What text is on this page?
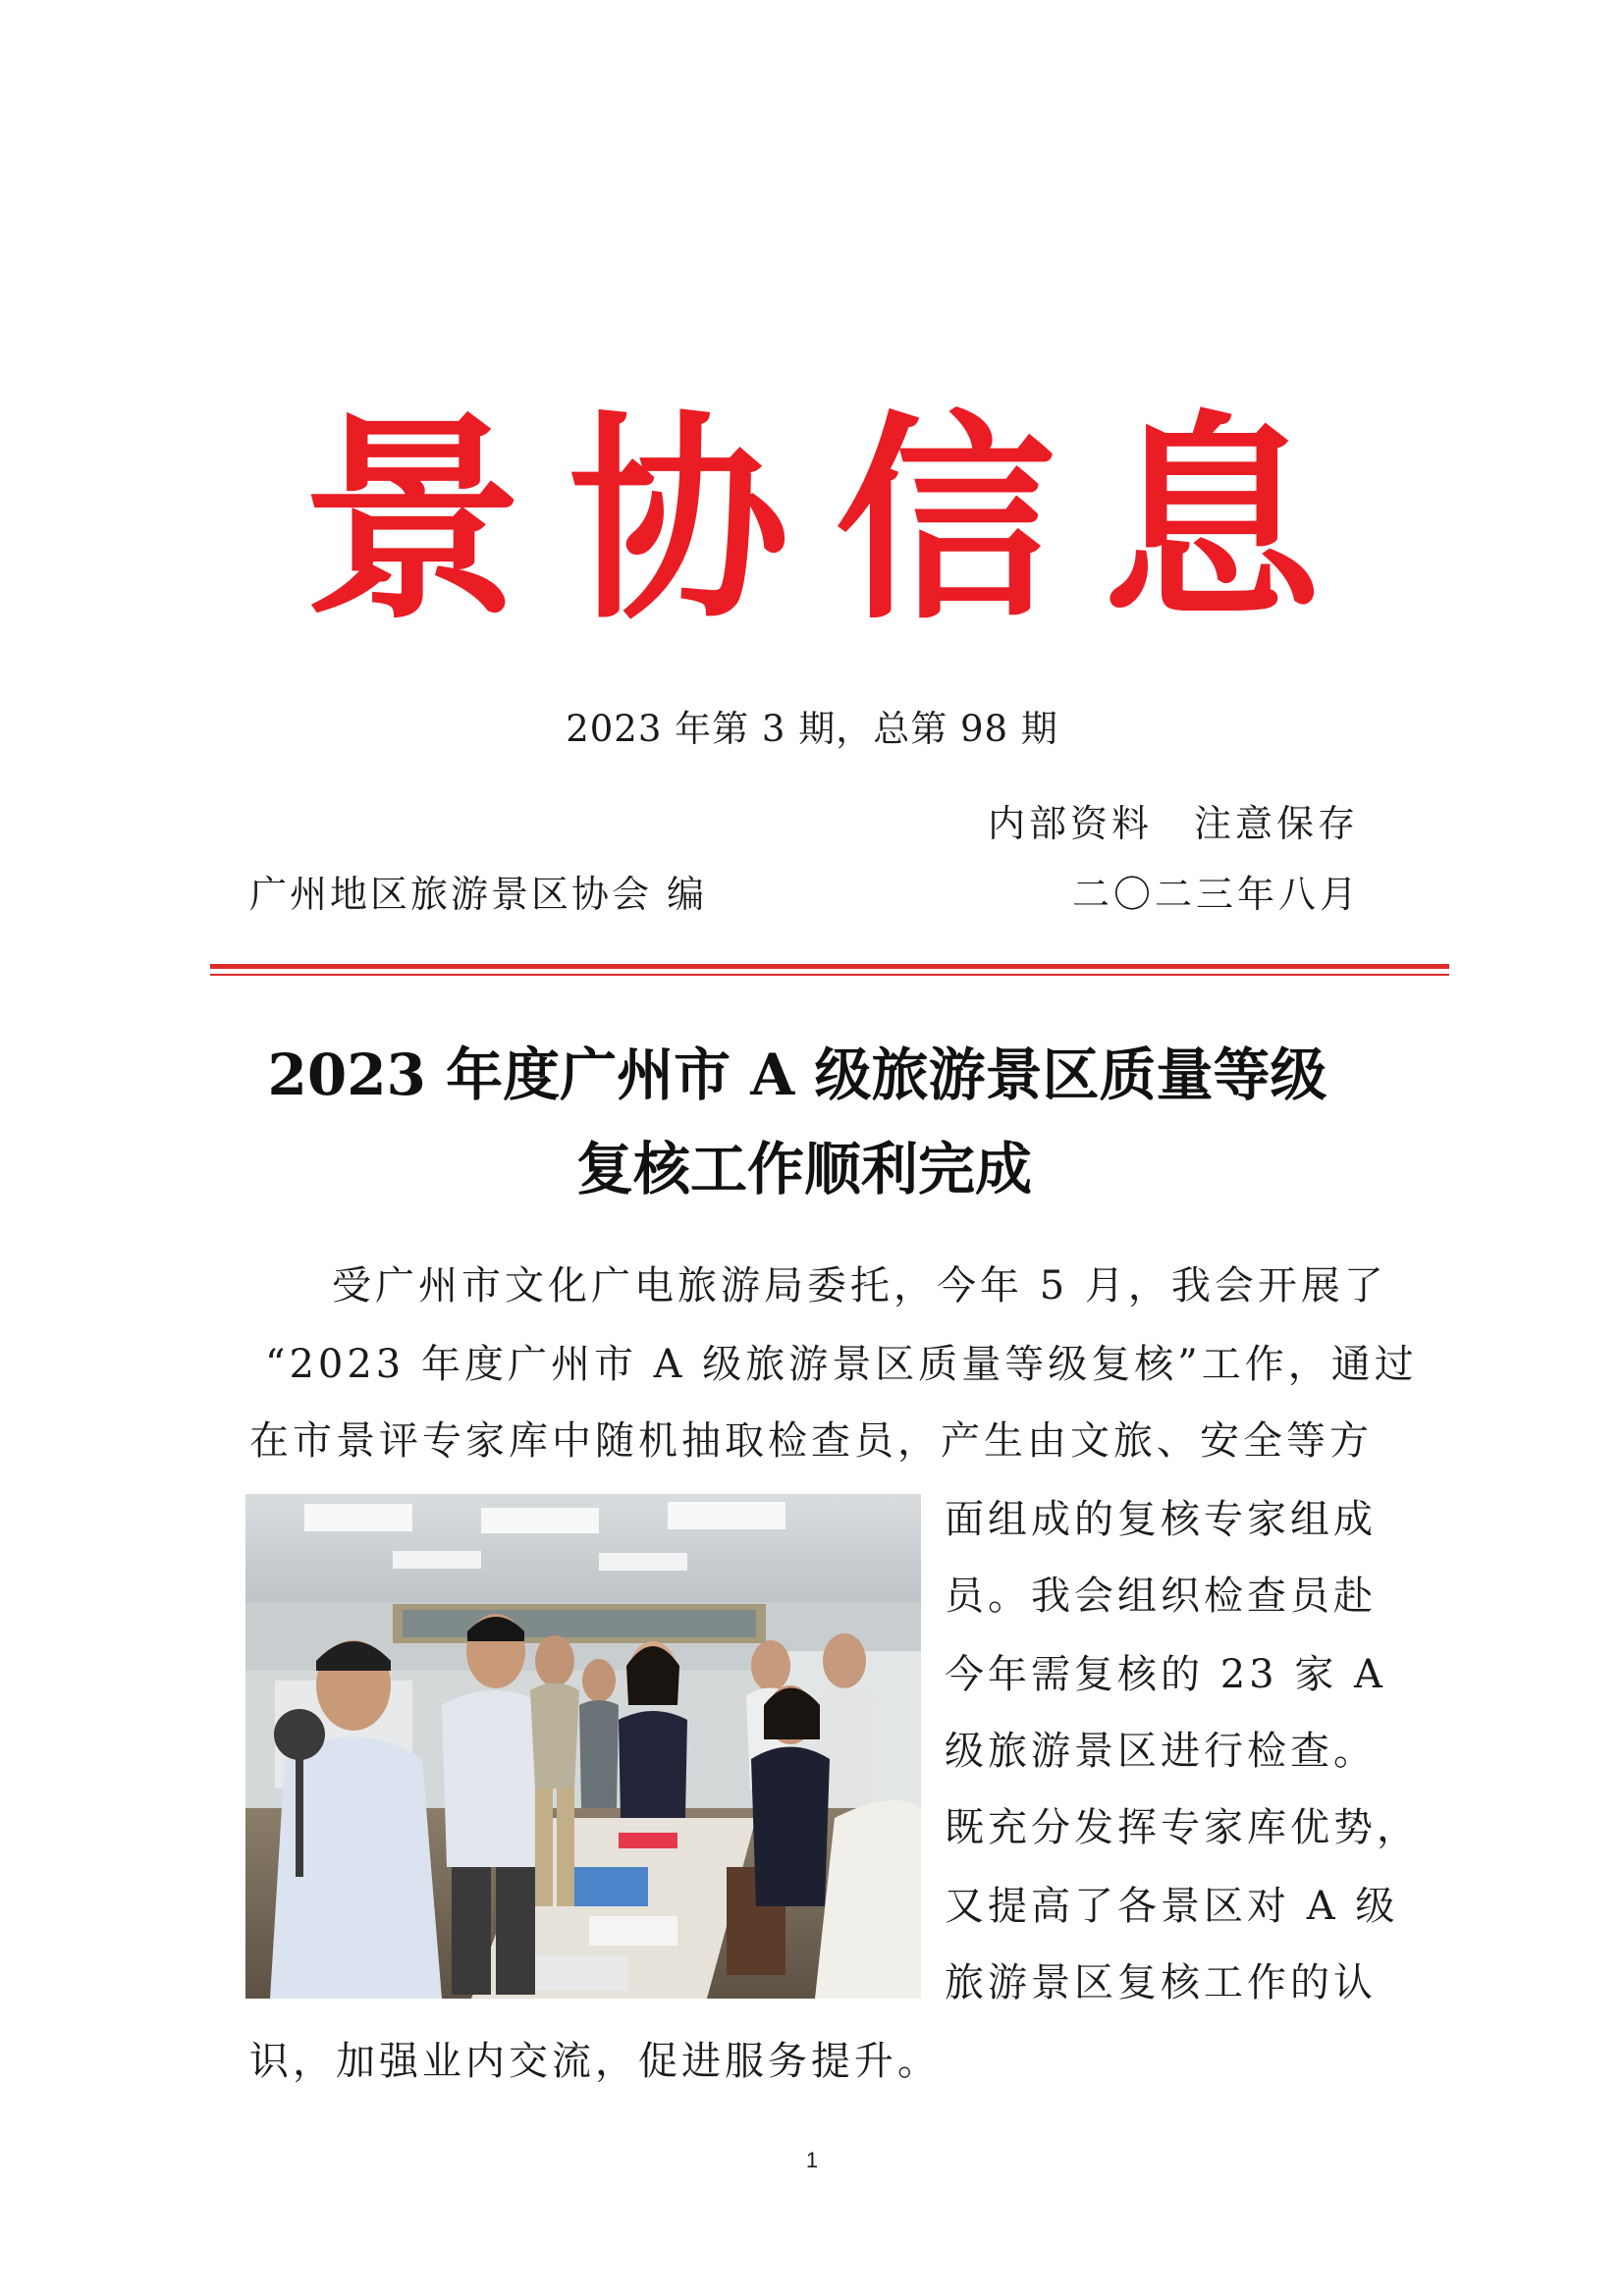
景 协 信 息
2023 年第 3 期，总第 98 期
内部资料　注意保存
广州地区旅游景区协会 编	二〇二三年八月
2023 年度广州市 A 级旅游景区质量等级
复核工作顺利完成
受广州市文化广电旅游局委托，今年 5 月，我会开展了
“2023 年度广州市 A 级旅游景区质量等级复核”工作，通过
在市景评专家库中随机抽取检查员，产生由文旅、安全等方
面组成的复核专家组成
员。我会组织检查员赴
今年需复核的 23 家 A
级旅游景区进行检查。
既充分发挥专家库优势，
又提高了各景区对 A 级
旅游景区复核工作的认
识，加强业内交流，促进服务提升。
1
